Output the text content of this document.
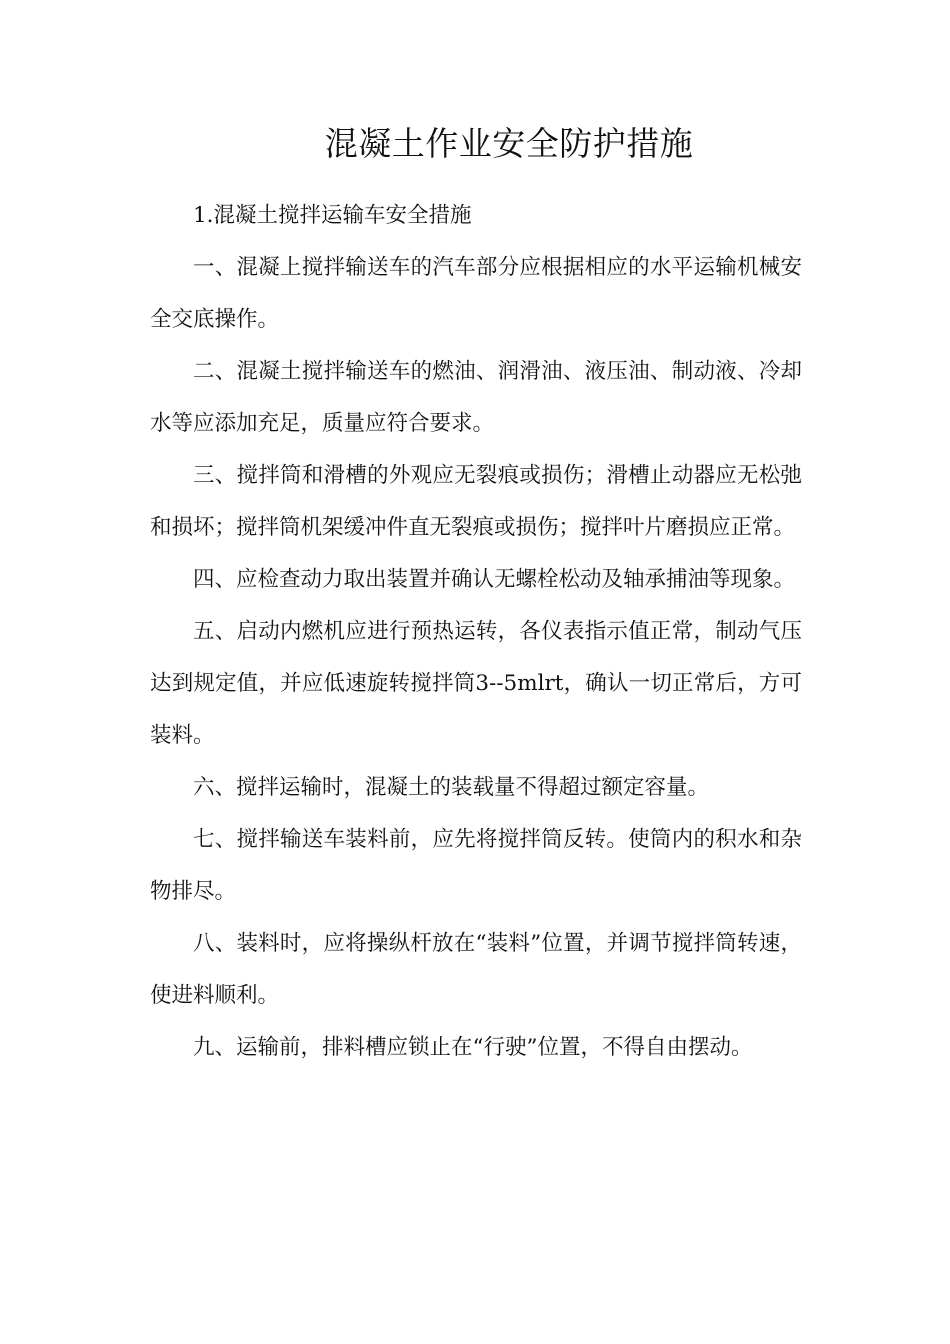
混凝土作业安全防护措施

1.混凝土搅拌运输车安全措施

一、混凝上搅拌输送车的汽车部分应根据相应的水平运输机械安全交底操作。

二、混凝土搅拌输送车的燃油、润滑油、液压油、制动液、冷却水等应添加充足，质量应符合要求。

三、搅拌筒和滑槽的外观应无裂痕或损伤；滑槽止动器应无松弛和损坏；搅拌筒机架缓冲件直无裂痕或损伤；搅拌叶片磨损应正常。

四、应检查动力取出装置并确认无螺栓松动及轴承捕油等现象。

五、启动内燃机应进行预热运转，各仪表指示值正常，制动气压达到规定值，并应低速旋转搅拌筒3--5mlrt，确认一切正常后，方可装料。

六、搅拌运输时，混凝土的装载量不得超过额定容量。

七、搅拌输送车装料前，应先将搅拌筒反转。使筒内的积水和杂物排尽。

八、装料时，应将操纵杆放在“装料”位置，并调节搅拌筒转速，使进料顺利。

九、运输前，排料槽应锁止在“行驶”位置，不得自由摆动。
